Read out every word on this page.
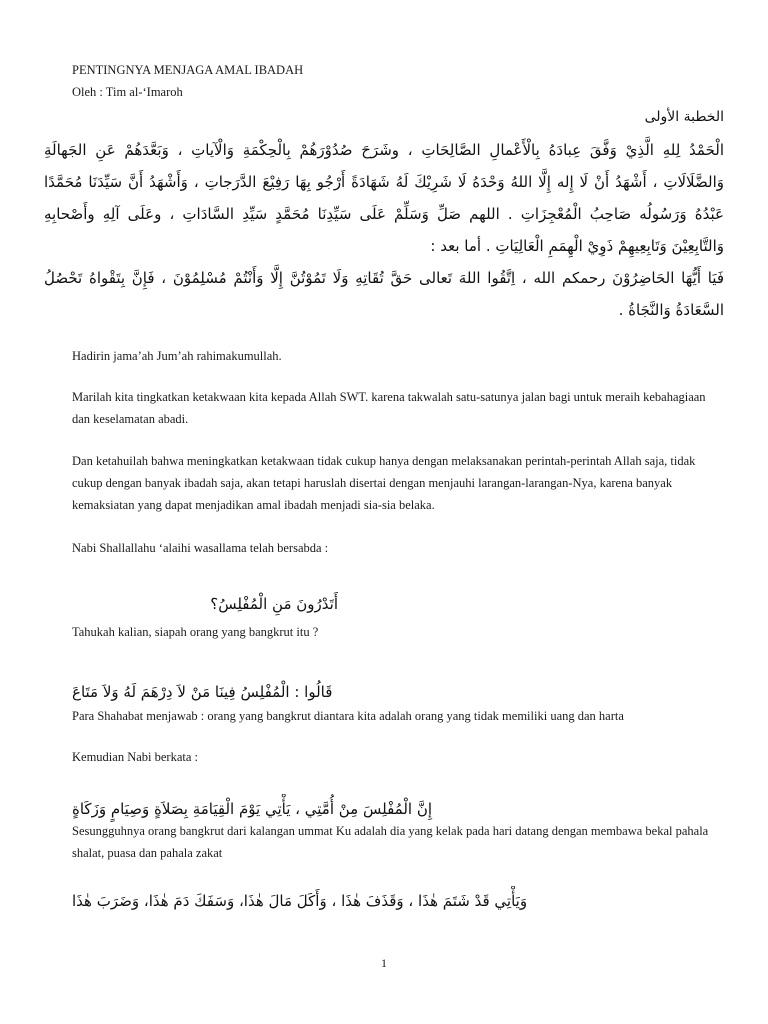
PENTINGNYA MENJAGA AMAL IBADAH
Oleh : Tim al-‘Imaroh
الخطبة الأولى
الْحَمْدُ لِلهِ الَّذِيْ وَفَّقَ عِبادَهُ بِالْأَعْمالِ الصَّالِحَاتِ ، وشَرَحَ صُدُوْرَهُمْ بِالْحِكْمَةِ وَالْآياتِ ، وَبَعَّدَهُمْ عَنِ الجَهالَةِ وَالضَّلَالَاتِ ، أَشْهَدُ أَنْ لَا إِله إِلَّا اللهُ وَحْدَهُ لَا شَرِيْكَ لَهُ شَهَادَةً أَرْجُو بِهَا رَفِيْعَ الدَّرَجاتِ ، وَأَشْهَدُ أَنَّ سَيِّدَنَا مُحَمَّدًا عَبْدُهُ وَرَسُولُه صَاحِبُ الْمُعْجِزَاتِ . اللهم صَلِّ وَسَلِّمْ عَلَى سَيِّدِنَا مُحَمَّدٍ سَيِّدِ السَّادَاتِ ، وعَلَى آلِهِ وأَصْحابِهِ وَالتَّابِعِيْنَ وَتَابِعِيهِمْ ذَوِيْ الْهِمَمِ الْعَالِيَاتِ . أما بعد :
فَيَا أَيُّهَا الحَاضِرُوْنَ رحمكم الله ، اِتَّقُوا اللهَ تَعالى حَقَّ تُقَاتِهِ وَلَا تَمُوْتُنَّ إِلَّا وَأَنْتُمْ مُسْلِمُوْنَ ، فَإِنَّ بِتَقْواهُ تَحْصُلُ السَّعَادَةُ وَالنَّجَاةُ .
Hadirin jama’ah Jum’ah rahimakumullah.
Marilah kita tingkatkan ketakwaan kita kepada Allah SWT. karena takwalah satu-satunya jalan bagi untuk meraih kebahagiaan dan keselamatan abadi.
Dan ketahuilah bahwa meningkatkan ketakwaan tidak cukup hanya dengan melaksanakan perintah-perintah Allah saja, tidak cukup dengan banyak ibadah saja, akan tetapi haruslah disertai dengan menjauhi larangan-larangan-Nya, karena banyak kemaksiatan yang dapat menjadikan amal ibadah menjadi sia-sia belaka.
Nabi Shallallahu ‘alaihi wasallama telah bersabda :
أَتَدْرُونَ مَنِ الْمُفْلِسُ؟
Tahukah kalian, siapah orang yang bangkrut itu ?
قَالُوا : الْمُفْلِسُ فِينَا مَنْ لاَ دِرْهَمَ لَهُ وَلاَ مَتَاعَ
Para Shahabat menjawab : orang yang bangkrut diantara kita adalah orang yang tidak memiliki uang dan harta
Kemudian Nabi berkata :
إِنَّ الْمُفْلِسَ مِنْ أُمَّتِي ، يَأْتِي يَوْمَ الْقِيَامَةِ بِصَلاَةٍ وَصِيَامٍ وَزَكَاةٍ
Sesungguhnya orang bangkrut dari kalangan ummat Ku adalah dia yang kelak pada hari datang dengan membawa bekal pahala shalat, puasa dan pahala zakat
وَيَأْتِي قَدْ شَتَمَ هٰذَا ، وَقَذَفَ هٰذَا ، وَأَكَلَ مَالَ هٰذَا، وَسَفَكَ دَمَ هٰذَا، وَضَرَبَ هٰذَا
1
